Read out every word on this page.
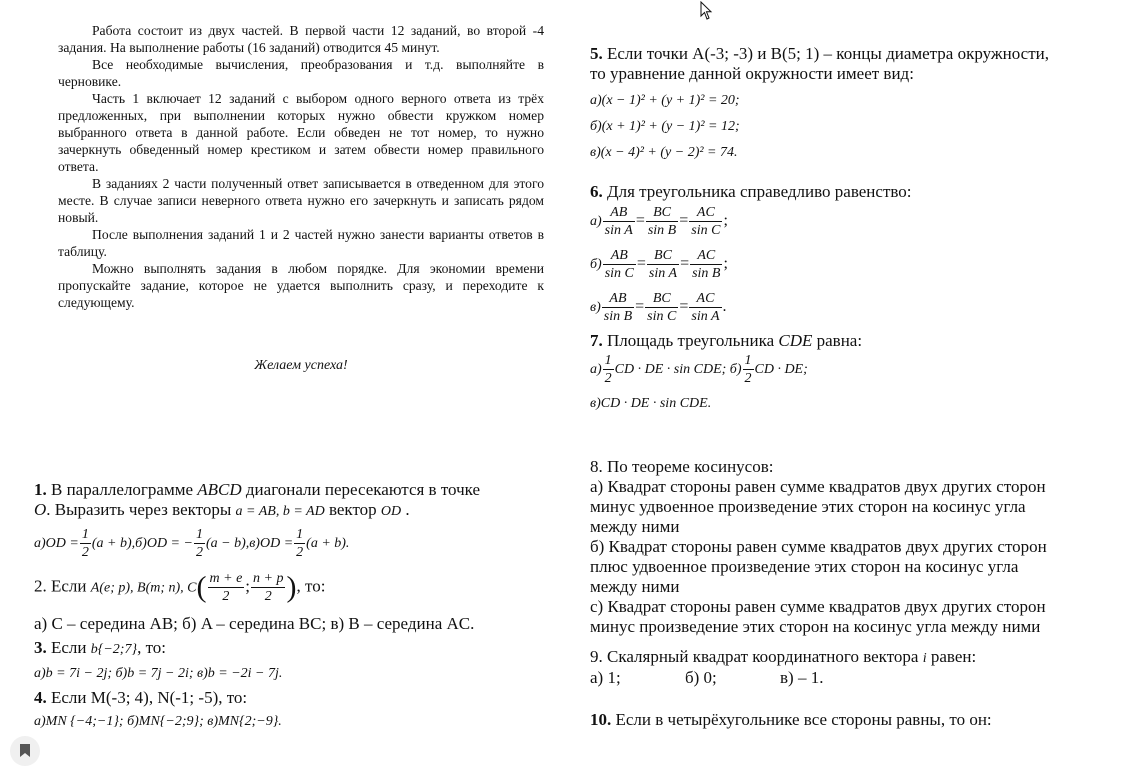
Работа состоит из двух частей. В первой части 12 заданий, во второй -4 задания. На выполнение работы (16 заданий) отводится 45 минут.

Все необходимые вычисления, преобразования и т.д. выполняйте в черновике.

Часть 1 включает 12 заданий с выбором одного верного ответа из трёх предложенных, при выполнении которых нужно обвести кружком номер выбранного ответа в данной работе. Если обведен не тот номер, то нужно зачеркнуть обведенный номер крестиком и затем обвести номер правильного ответа.

В заданиях 2 части полученный ответ записывается в отведенном для этого месте. В случае записи неверного ответа нужно его зачеркнуть и записать рядом новый.

После выполнения заданий 1 и 2 частей нужно занести варианты ответов в таблицу.

Можно выполнять задания в любом порядке. Для экономии времени пропускайте задание, которое не удается выполнить сразу, и переходите к следующему.

Желаем успеха!
1. В параллелограмме ABCD диагонали пересекаются в точке
O. Выразить через векторы a = AB, b = AD вектор OD .
$а)OD = \frac{1}{2} (a + b),б)OD$ = − $\frac{1}{2} (a - b),в)OD = \frac{1}{2} (a + b)$.
2. Если A(e; p), B(m; n), $C( \frac{m + e}{2}$ ; $\frac{n + p}{2}$ ), то:
а) C – середина AB; б) A – середина BC; в) B – середина AC.
3. Если b{−2;7}, то:
а)b = 7i − 2j; б)b = 7j − 2i; в)b = −2i − 7j.
4. Если M(-3; 4), N(-1; -5), то:
а)MN {−4;−1}; б)MN{−2;9}; в)MN{2;−9}.
5. Если точки A(-3; -3) и B(5; 1) – концы диаметра окружности,
то уравнение данной окружности имеет вид:
а)(x − 1)² + (y + 1)² = 20;
б)(x + 1)² + (y − 1)² = 12;
в)(x − 4)² + (y − 2)² = 74.
6. Для треугольника справедливо равенство:
$а) \frac{AB}{\text{sin A}} = \frac{BC}{\text{sin B}} = \frac{AC}{\text{sin C}}$ ;
$б) \frac{AB}{\text{sin C}} = \frac{BC}{\text{sin A}} = \frac{AC}{\text{sin B}}$ ;
$в) \frac{AB}{\text{sin B}} = \frac{BC}{\text{sin C}} = \frac{AC}{\text{sin A}}$ .
7. Площадь треугольника CDE равна:
$а) \frac{1}{2}$ CD · DE · sin CDE; $б) \frac{1}{2}$ CD · DE;
в)CD · DE · sin CDE.
8. По теореме косинусов:
а) Квадрат стороны равен сумме квадратов двух других сторон
минус удвоенное произведение этих сторон на косинус угла
между ними
б) Квадрат стороны равен сумме квадратов двух других сторон
плюс удвоенное произведение этих сторон на косинус угла
между ними
с) Квадрат стороны равен сумме квадратов двух других сторон
минус произведение этих сторон на косинус угла между ними
9. Скалярный квадрат координатного вектора i равен:
а) 1;	б) 0;	в) – 1.
10. Если в четырёхугольнике все стороны равны, то он:
